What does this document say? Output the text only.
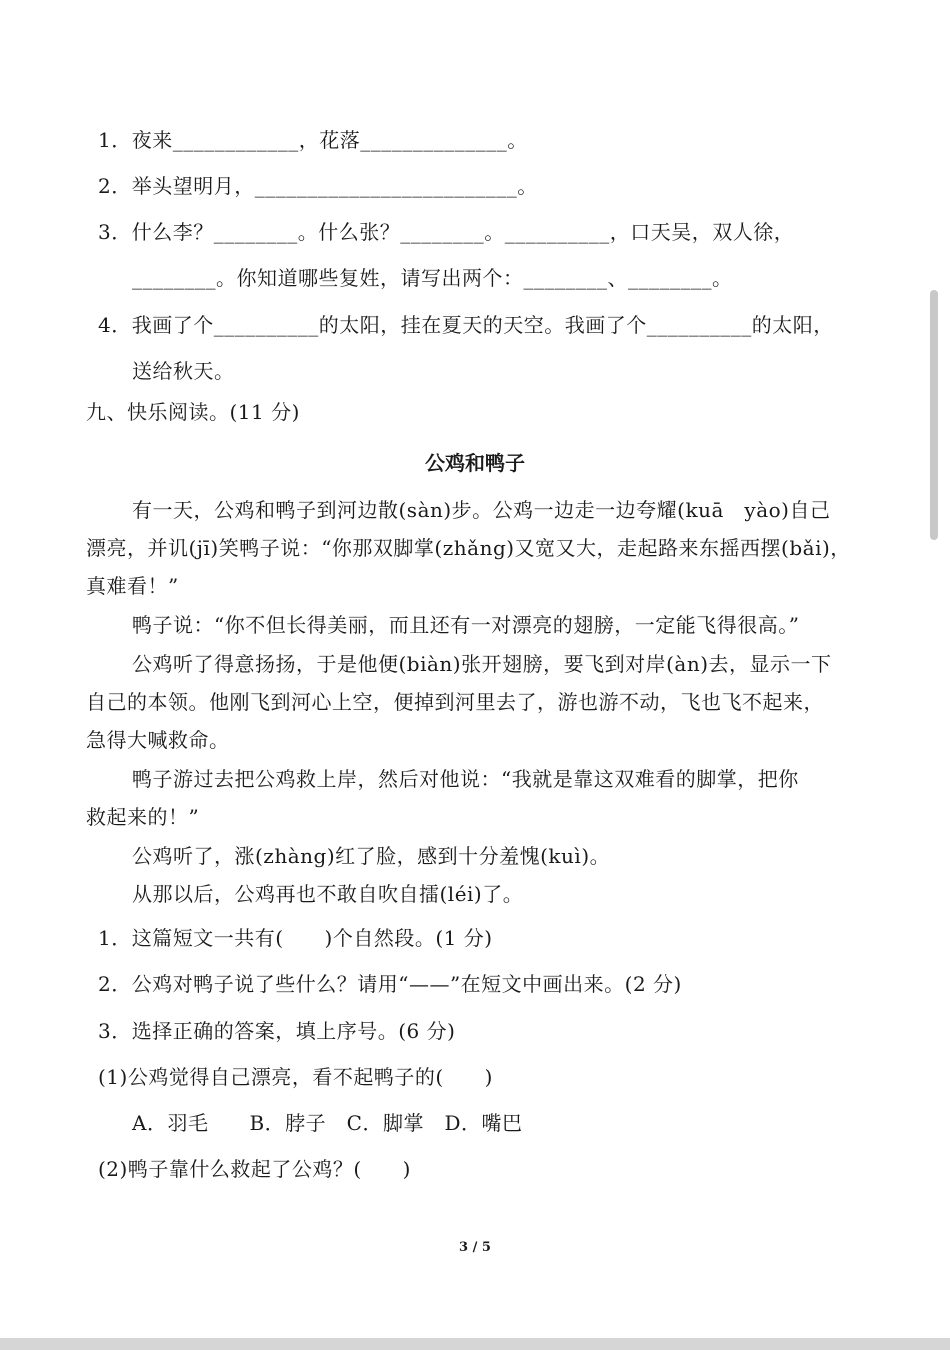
1．夜来____________，花落______________。
2．举头望明月，_________________________。
3．什么李？________。什么张？________。__________，口天吴，双人徐，
________。你知道哪些复姓，请写出两个：________、________。
4．我画了个__________的太阳，挂在夏天的天空。我画了个__________的太阳，
送给秋天。
九、快乐阅读。(11 分)
公鸡和鸭子
有一天，公鸡和鸭子到河边散(sàn)步。公鸡一边走一边夸耀(kuā　yào)自己
漂亮，并讥(jī)笑鸭子说：“你那双脚掌(zhǎng)又宽又大，走起路来东摇西摆(bǎi)，
真难看！”
鸭子说：“你不但长得美丽，而且还有一对漂亮的翅膀，一定能飞得很高。”
公鸡听了得意扬扬，于是他便(biàn)张开翅膀，要飞到对岸(àn)去，显示一下
自己的本领。他刚飞到河心上空，便掉到河里去了，游也游不动，飞也飞不起来，
急得大喊救命。
鸭子游过去把公鸡救上岸，然后对他说：“我就是靠这双难看的脚掌，把你
救起来的！”
公鸡听了，涨(zhàng)红了脸，感到十分羞愧(kuì)。
从那以后，公鸡再也不敢自吹自擂(léi)了。
1．这篇短文一共有(　　)个自然段。(1 分)
2．公鸡对鸭子说了些什么？请用“——”在短文中画出来。(2 分)
3．选择正确的答案，填上序号。(6 分)
(1)公鸡觉得自己漂亮，看不起鸭子的(　　)
A．羽毛　　B．脖子　C．脚掌　D．嘴巴
(2)鸭子靠什么救起了公鸡？(　　)
3 / 5
